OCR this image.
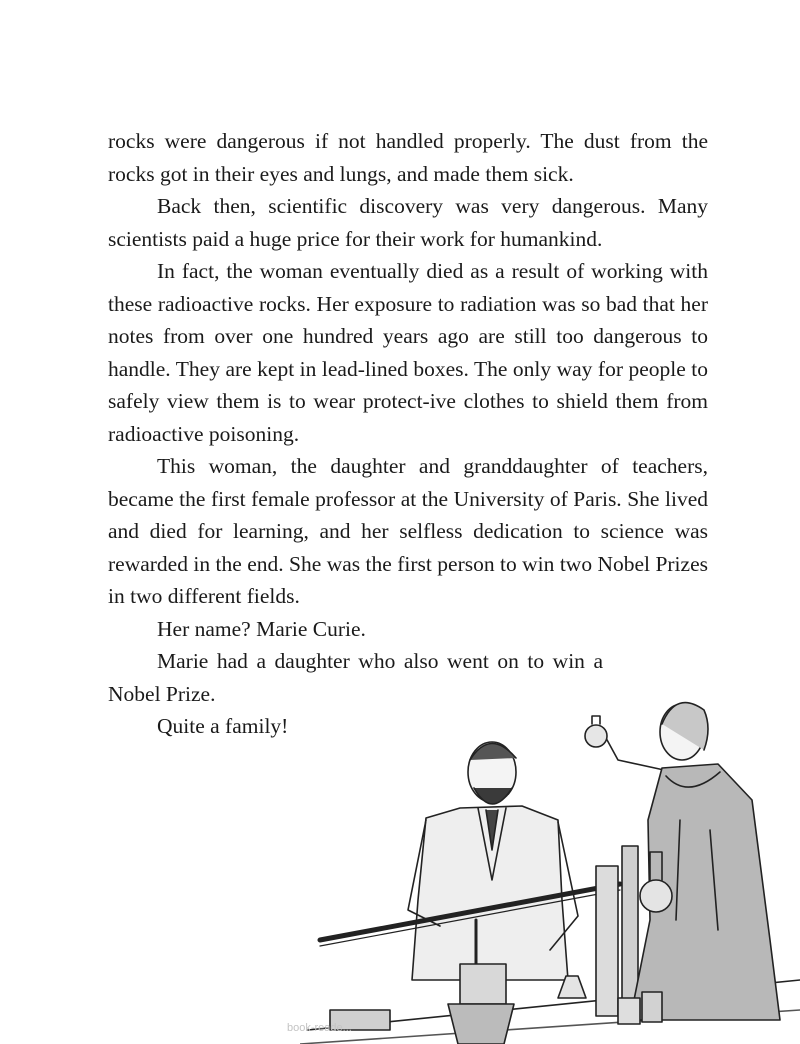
rocks were dangerous if not handled properly. The dust from the rocks got in their eyes and lungs, and made them sick.

Back then, scientific discovery was very dangerous. Many scientists paid a huge price for their work for humankind.

In fact, the woman eventually died as a result of working with these radioactive rocks. Her exposure to radiation was so bad that her notes from over one hundred years ago are still too dangerous to handle. They are kept in lead-lined boxes. The only way for people to safely view them is to wear protect-ive clothes to shield them from radioactive poisoning.

This woman, the daughter and granddaughter of teachers, became the first female professor at the University of Paris. She lived and died for learning, and her selfless dedication to science was rewarded in the end. She was the first person to win two Nobel Prizes in two different fields.

Her name? Marie Curie.

Marie had a daughter who also went on to win a Nobel Prize.

Quite a family!

book-reade...
